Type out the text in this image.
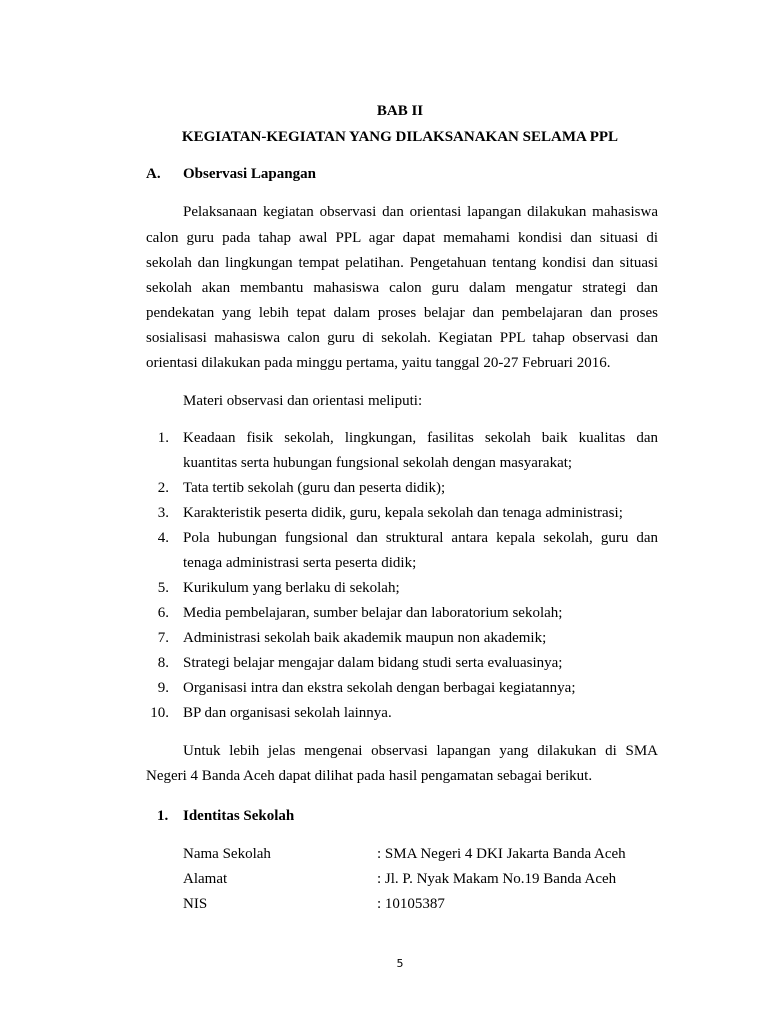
BAB II
KEGIATAN-KEGIATAN YANG DILAKSANAKAN SELAMA PPL
A. Observasi Lapangan
Pelaksanaan kegiatan observasi dan orientasi lapangan dilakukan mahasiswa
calon guru pada tahap awal PPL agar dapat memahami kondisi dan situasi di
sekolah dan lingkungan tempat pelatihan. Pengetahuan tentang kondisi dan situasi
sekolah akan membantu mahasiswa calon guru dalam mengatur strategi dan
pendekatan yang lebih tepat dalam proses belajar dan pembelajaran dan proses
sosialisasi mahasiswa calon guru di sekolah. Kegiatan PPL tahap observasi dan
orientasi dilakukan pada minggu pertama, yaitu tanggal 20-27 Februari 2016.
Materi observasi dan orientasi meliputi:
1. Keadaan fisik sekolah, lingkungan, fasilitas sekolah baik kualitas dan
kuantitas serta hubungan fungsional sekolah dengan masyarakat;
2. Tata tertib sekolah (guru dan peserta didik);
3. Karakteristik peserta didik, guru, kepala sekolah dan tenaga administrasi;
4. Pola hubungan fungsional dan struktural antara kepala sekolah, guru dan
tenaga administrasi serta peserta didik;
5. Kurikulum yang berlaku di sekolah;
6. Media pembelajaran, sumber belajar dan laboratorium sekolah;
7. Administrasi sekolah baik akademik maupun non akademik;
8. Strategi belajar mengajar dalam bidang studi serta evaluasinya;
9. Organisasi intra dan ekstra sekolah dengan berbagai kegiatannya;
10. BP dan organisasi sekolah lainnya.
Untuk lebih jelas mengenai observasi lapangan yang dilakukan di SMA
Negeri 4 Banda Aceh dapat dilihat pada hasil pengamatan sebagai berikut.
1. Identitas Sekolah
Nama Sekolah	: SMA Negeri 4 DKI Jakarta Banda Aceh
Alamat	: Jl. P. Nyak Makam No.19 Banda Aceh
NIS	: 10105387
5
